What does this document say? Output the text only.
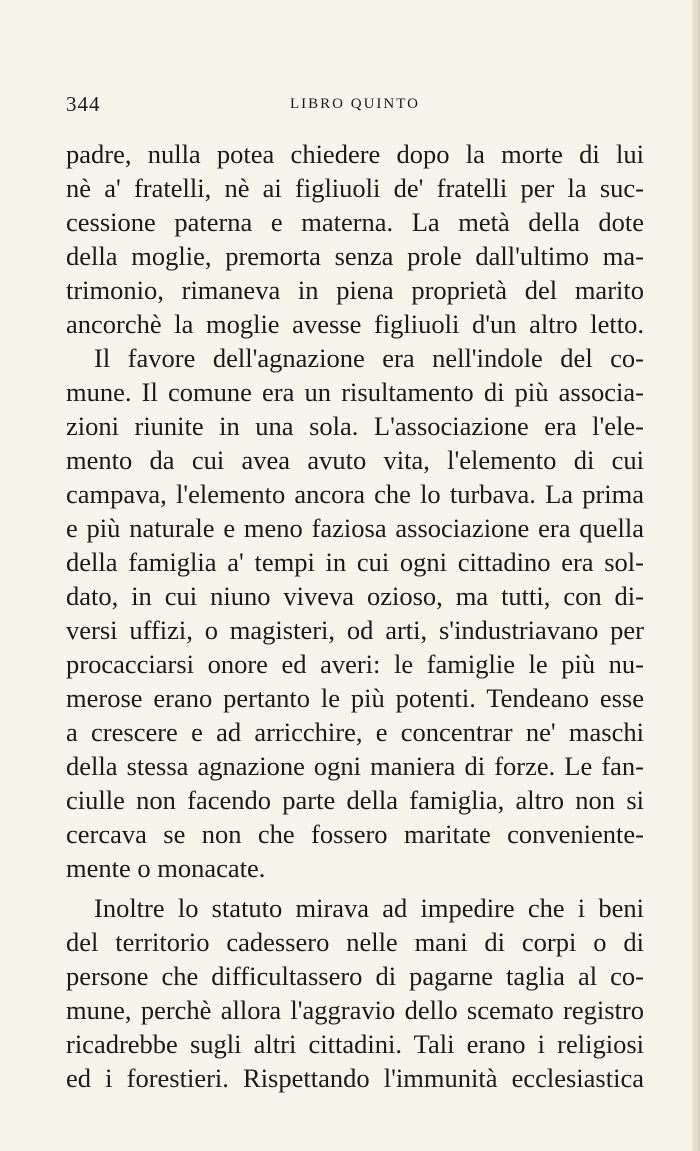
344	LIBRO QUINTO
padre, nulla potea chiedere dopo la morte di lui
nè a' fratelli, nè ai figliuoli de' fratelli per la suc-
cessione paterna e materna. La metà della dote
della moglie, premorta senza prole dall'ultimo ma-
trimonio, rimaneva in piena proprietà del marito
ancorchè la moglie avesse figliuoli d'un altro letto.
Il favore dell'agnazione era nell'indole del co-
mune. Il comune era un risultamento di più associa-
zioni riunite in una sola. L'associazione era l'ele-
mento da cui avea avuto vita, l'elemento di cui
campava, l'elemento ancora che lo turbava. La prima
e più naturale e meno faziosa associazione era quella
della famiglia a' tempi in cui ogni cittadino era sol-
dato, in cui niuno viveva ozioso, ma tutti, con di-
versi uffizi, o magisteri, od arti, s'industriavano per
procacciarsi onore ed averi: le famiglie le più nu-
merose erano pertanto le più potenti. Tendeano esse
a crescere e ad arricchire, e concentrar ne' maschi
della stessa agnazione ogni maniera di forze. Le fan-
ciulle non facendo parte della famiglia, altro non si
cercava se non che fossero maritate conveniente-
mente o monacate.
Inoltre lo statuto mirava ad impedire che i beni
del territorio cadessero nelle mani di corpi o di
persone che difficultassero di pagarne taglia al co-
mune, perchè allora l'aggravio dello scemato registro
ricadrebbe sugli altri cittadini. Tali erano i religiosi
ed i forestieri. Rispettando l'immunità ecclesiastica
